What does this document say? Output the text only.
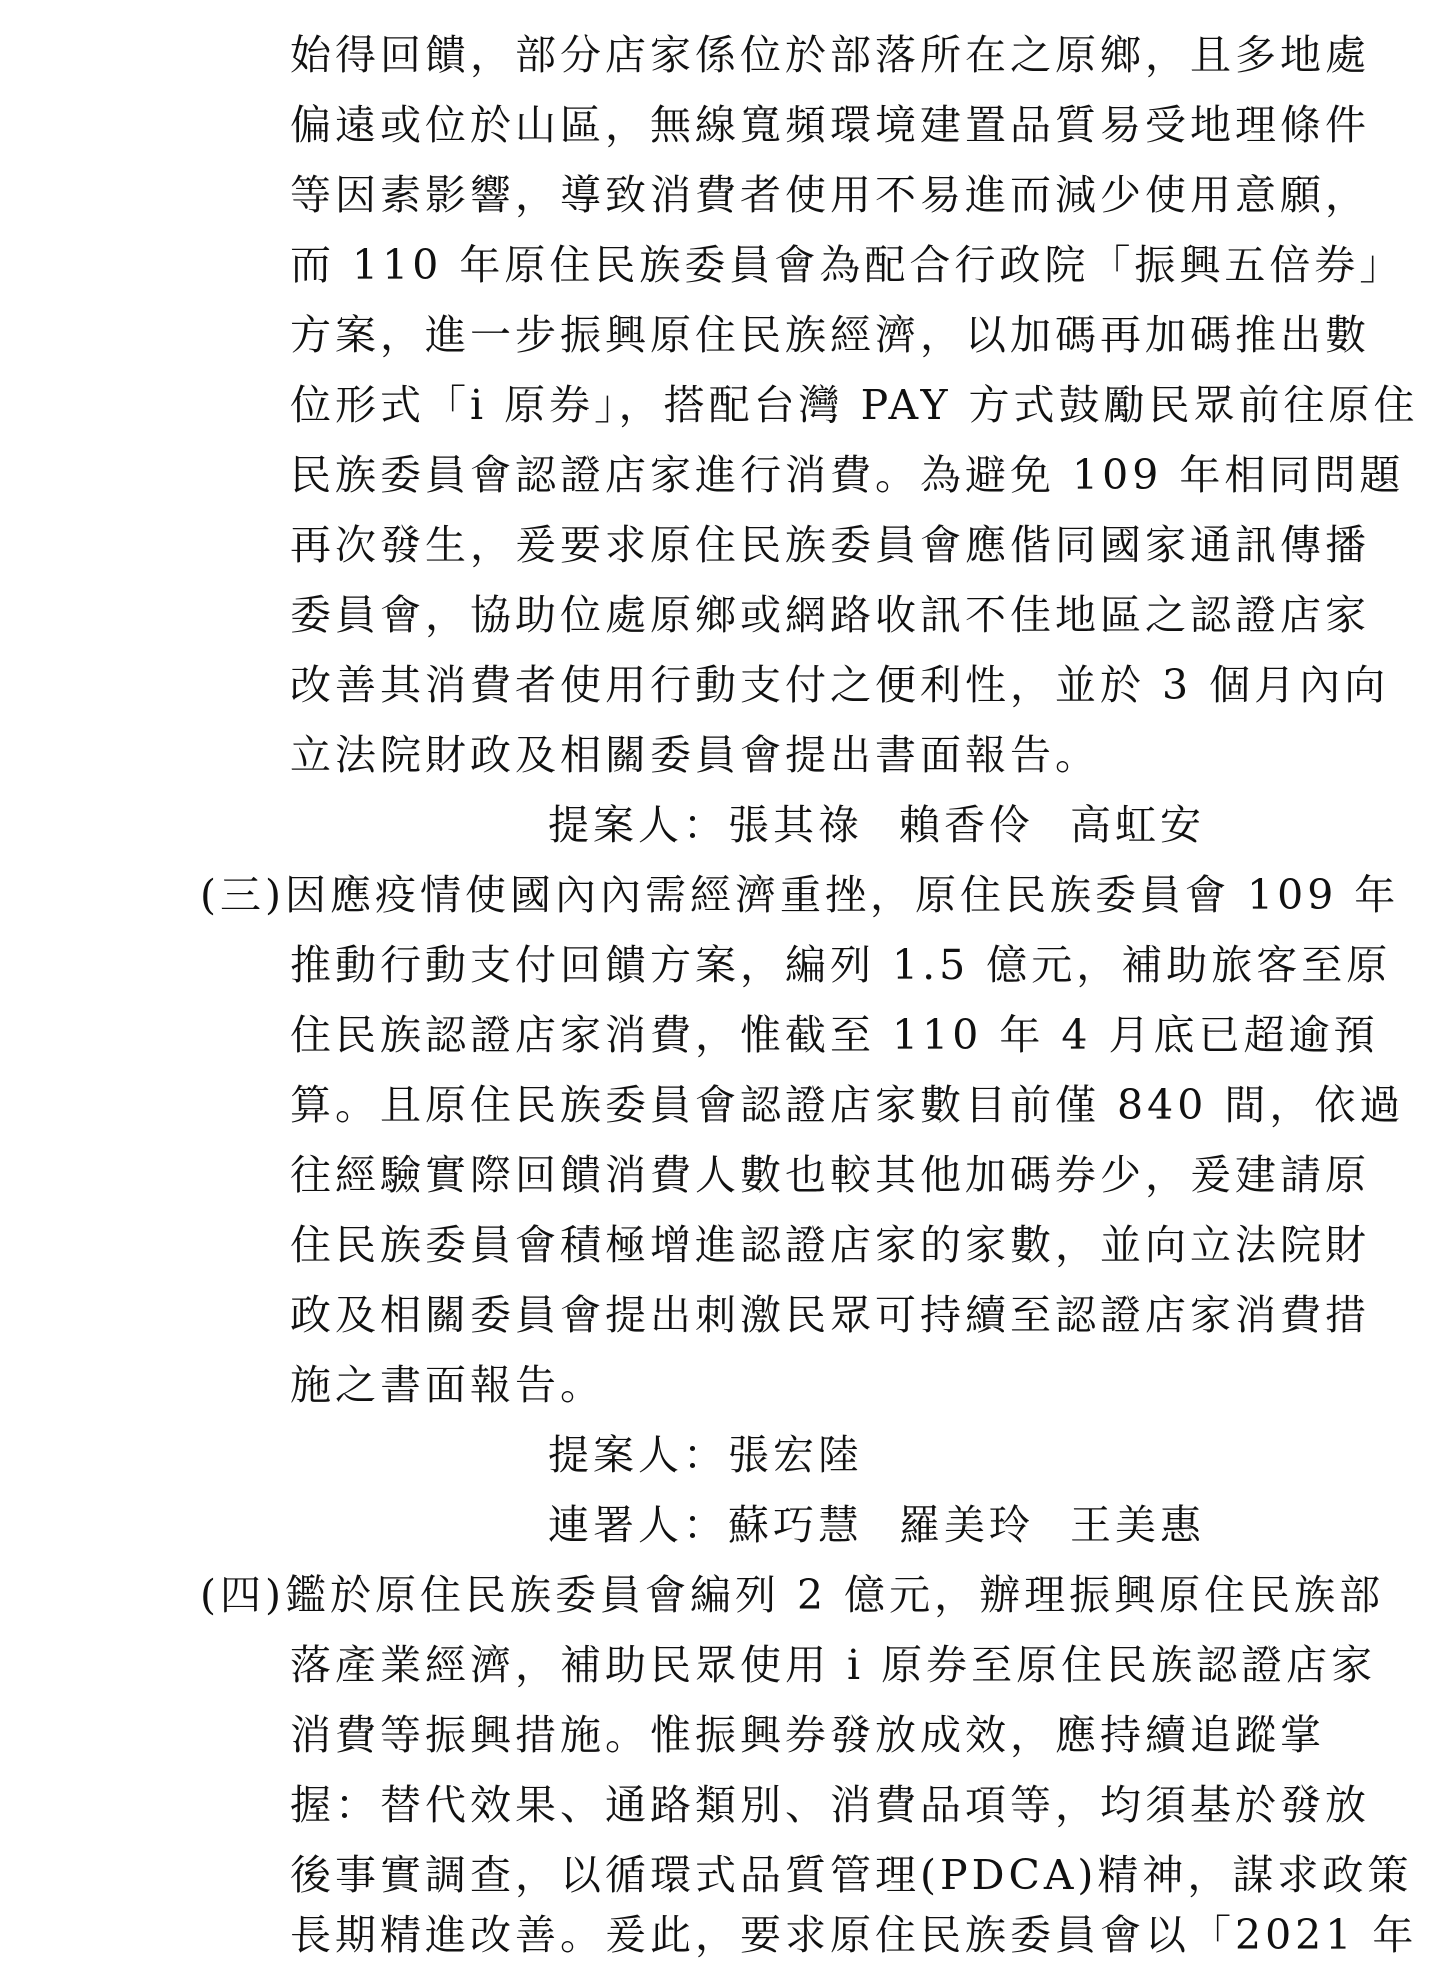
始得回饋，部分店家係位於部落所在之原鄉，且多地處
偏遠或位於山區，無線寬頻環境建置品質易受地理條件
等因素影響，導致消費者使用不易進而減少使用意願，
而 110 年原住民族委員會為配合行政院「振興五倍券」
方案，進一步振興原住民族經濟，以加碼再加碼推出數
位形式「i 原券」，搭配台灣 PAY 方式鼓勵民眾前往原住
民族委員會認證店家進行消費。為避免 109 年相同問題
再次發生，爰要求原住民族委員會應偕同國家通訊傳播
委員會，協助位處原鄉或網路收訊不佳地區之認證店家
改善其消費者使用行動支付之便利性，並於 3 個月內向
立法院財政及相關委員會提出書面報告。
提案人：張其祿 賴香伶 高虹安
(三)因應疫情使國內內需經濟重挫，原住民族委員會 109 年
推動行動支付回饋方案，編列 1.5 億元，補助旅客至原
住民族認證店家消費，惟截至 110 年 4 月底已超逾預
算。且原住民族委員會認證店家數目前僅 840 間，依過
往經驗實際回饋消費人數也較其他加碼券少，爰建請原
住民族委員會積極增進認證店家的家數，並向立法院財
政及相關委員會提出刺激民眾可持續至認證店家消費措
施之書面報告。
提案人：張宏陸
連署人：蘇巧慧 羅美玲 王美惠
(四)鑑於原住民族委員會編列 2 億元，辦理振興原住民族部
落產業經濟，補助民眾使用 i 原券至原住民族認證店家
消費等振興措施。惟振興券發放成效，應持續追蹤掌
握：替代效果、通路類別、消費品項等，均須基於發放
後事實調查，以循環式品質管理(PDCA)精神，謀求政策
長期精進改善。爰此，要求原住民族委員會以「2021 年
